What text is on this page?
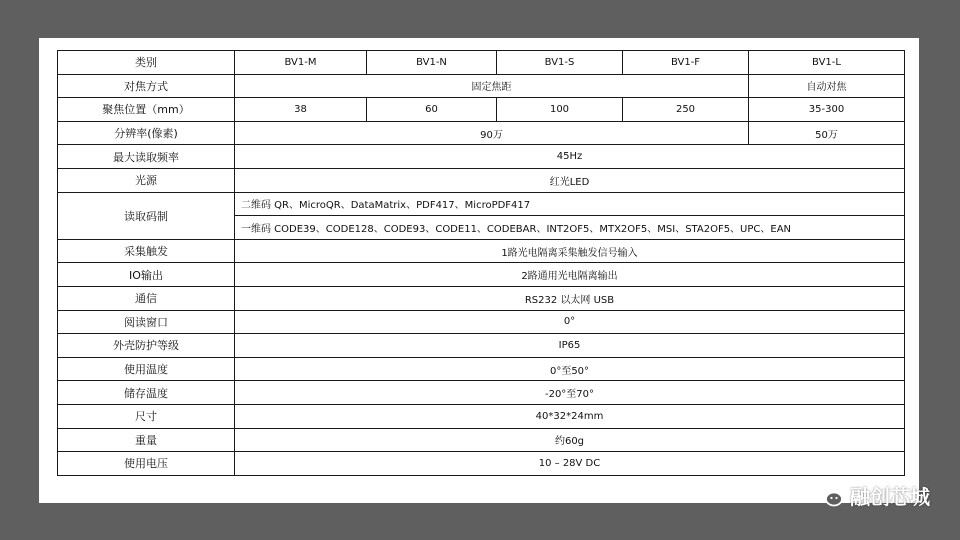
类别	BV1-M	BV1-N	BV1-S	BV1-F	BV1-L
对焦方式	固定焦距				自动对焦
聚焦位置（mm）	38	60	100	250	35-300
分辨率(像素)	90万				50万
最大读取频率	45Hz				
光源	红光LED				
读取码制	二维码 QR、MicroQR、DataMatrix、PDF417、MicroPDF417				
	一维码 CODE39、CODE128、CODE93、CODE11、CODEBAR、INT2OF5、MTX2OF5、MSI、STA2OF5、UPC、EAN				
采集触发	1路光电隔离采集触发信号输入				
IO输出	2路通用光电隔离输出				
通信	RS232 以太网 USB				
阅读窗口	0°				
外壳防护等级	IP65				
使用温度	0°至50°				
储存温度	-20°至70°				
尺寸	40*32*24mm				
重量	约60g				
使用电压	10 – 28V DC				
融创芯城
